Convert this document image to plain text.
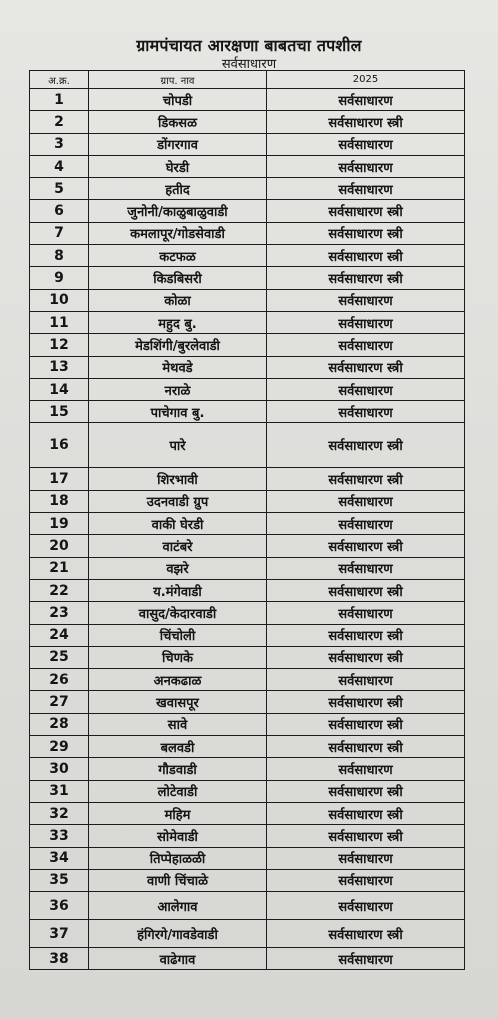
ग्रामपंचायत आरक्षणा बाबतचा तपशील
सर्वसाधारण
अ.क्र.	ग्राप. नाव	2025
1	चोपडी	सर्वसाधारण
2	डिकसळ	सर्वसाधारण स्त्री
3	डोंगरगाव	सर्वसाधारण
4	घेरडी	सर्वसाधारण
5	हतीद	सर्वसाधारण
6	जुनोनी/काळुबाळुवाडी	सर्वसाधारण स्त्री
7	कमलापूर/गोडसेवाडी	सर्वसाधारण स्त्री
8	कटफळ	सर्वसाधारण स्त्री
9	किडबिसरी	सर्वसाधारण स्त्री
10	कोळा	सर्वसाधारण
11	महुद बु.	सर्वसाधारण
12	मेडशिंगी/बुरलेवाडी	सर्वसाधारण
13	मेथवडे	सर्वसाधारण स्त्री
14	नराळे	सर्वसाधारण
15	पाचेगाव बु.	सर्वसाधारण
16	पारे	सर्वसाधारण स्त्री
17	शिरभावी	सर्वसाधारण स्त्री
18	उदनवाडी ग्रुप	सर्वसाधारण
19	वाकी घेरडी	सर्वसाधारण
20	वाटंबरे	सर्वसाधारण स्त्री
21	वझरे	सर्वसाधारण
22	य.मंगेवाडी	सर्वसाधारण स्त्री
23	वासुद/केदारवाडी	सर्वसाधारण
24	चिंचोली	सर्वसाधारण स्त्री
25	चिणके	सर्वसाधारण स्त्री
26	अनकढाळ	सर्वसाधारण
27	खवासपूर	सर्वसाधारण स्त्री
28	सावे	सर्वसाधारण स्त्री
29	बलवडी	सर्वसाधारण स्त्री
30	गौडवाडी	सर्वसाधारण
31	लोटेवाडी	सर्वसाधारण स्त्री
32	महिम	सर्वसाधारण स्त्री
33	सोमेवाडी	सर्वसाधारण स्त्री
34	तिप्पेहाळळी	सर्वसाधारण
35	वाणी चिंचाळे	सर्वसाधारण
36	आलेगाव	सर्वसाधारण
37	हंगिरगे/गावडेवाडी	सर्वसाधारण स्त्री
38	वाढेगाव	सर्वसाधारण
